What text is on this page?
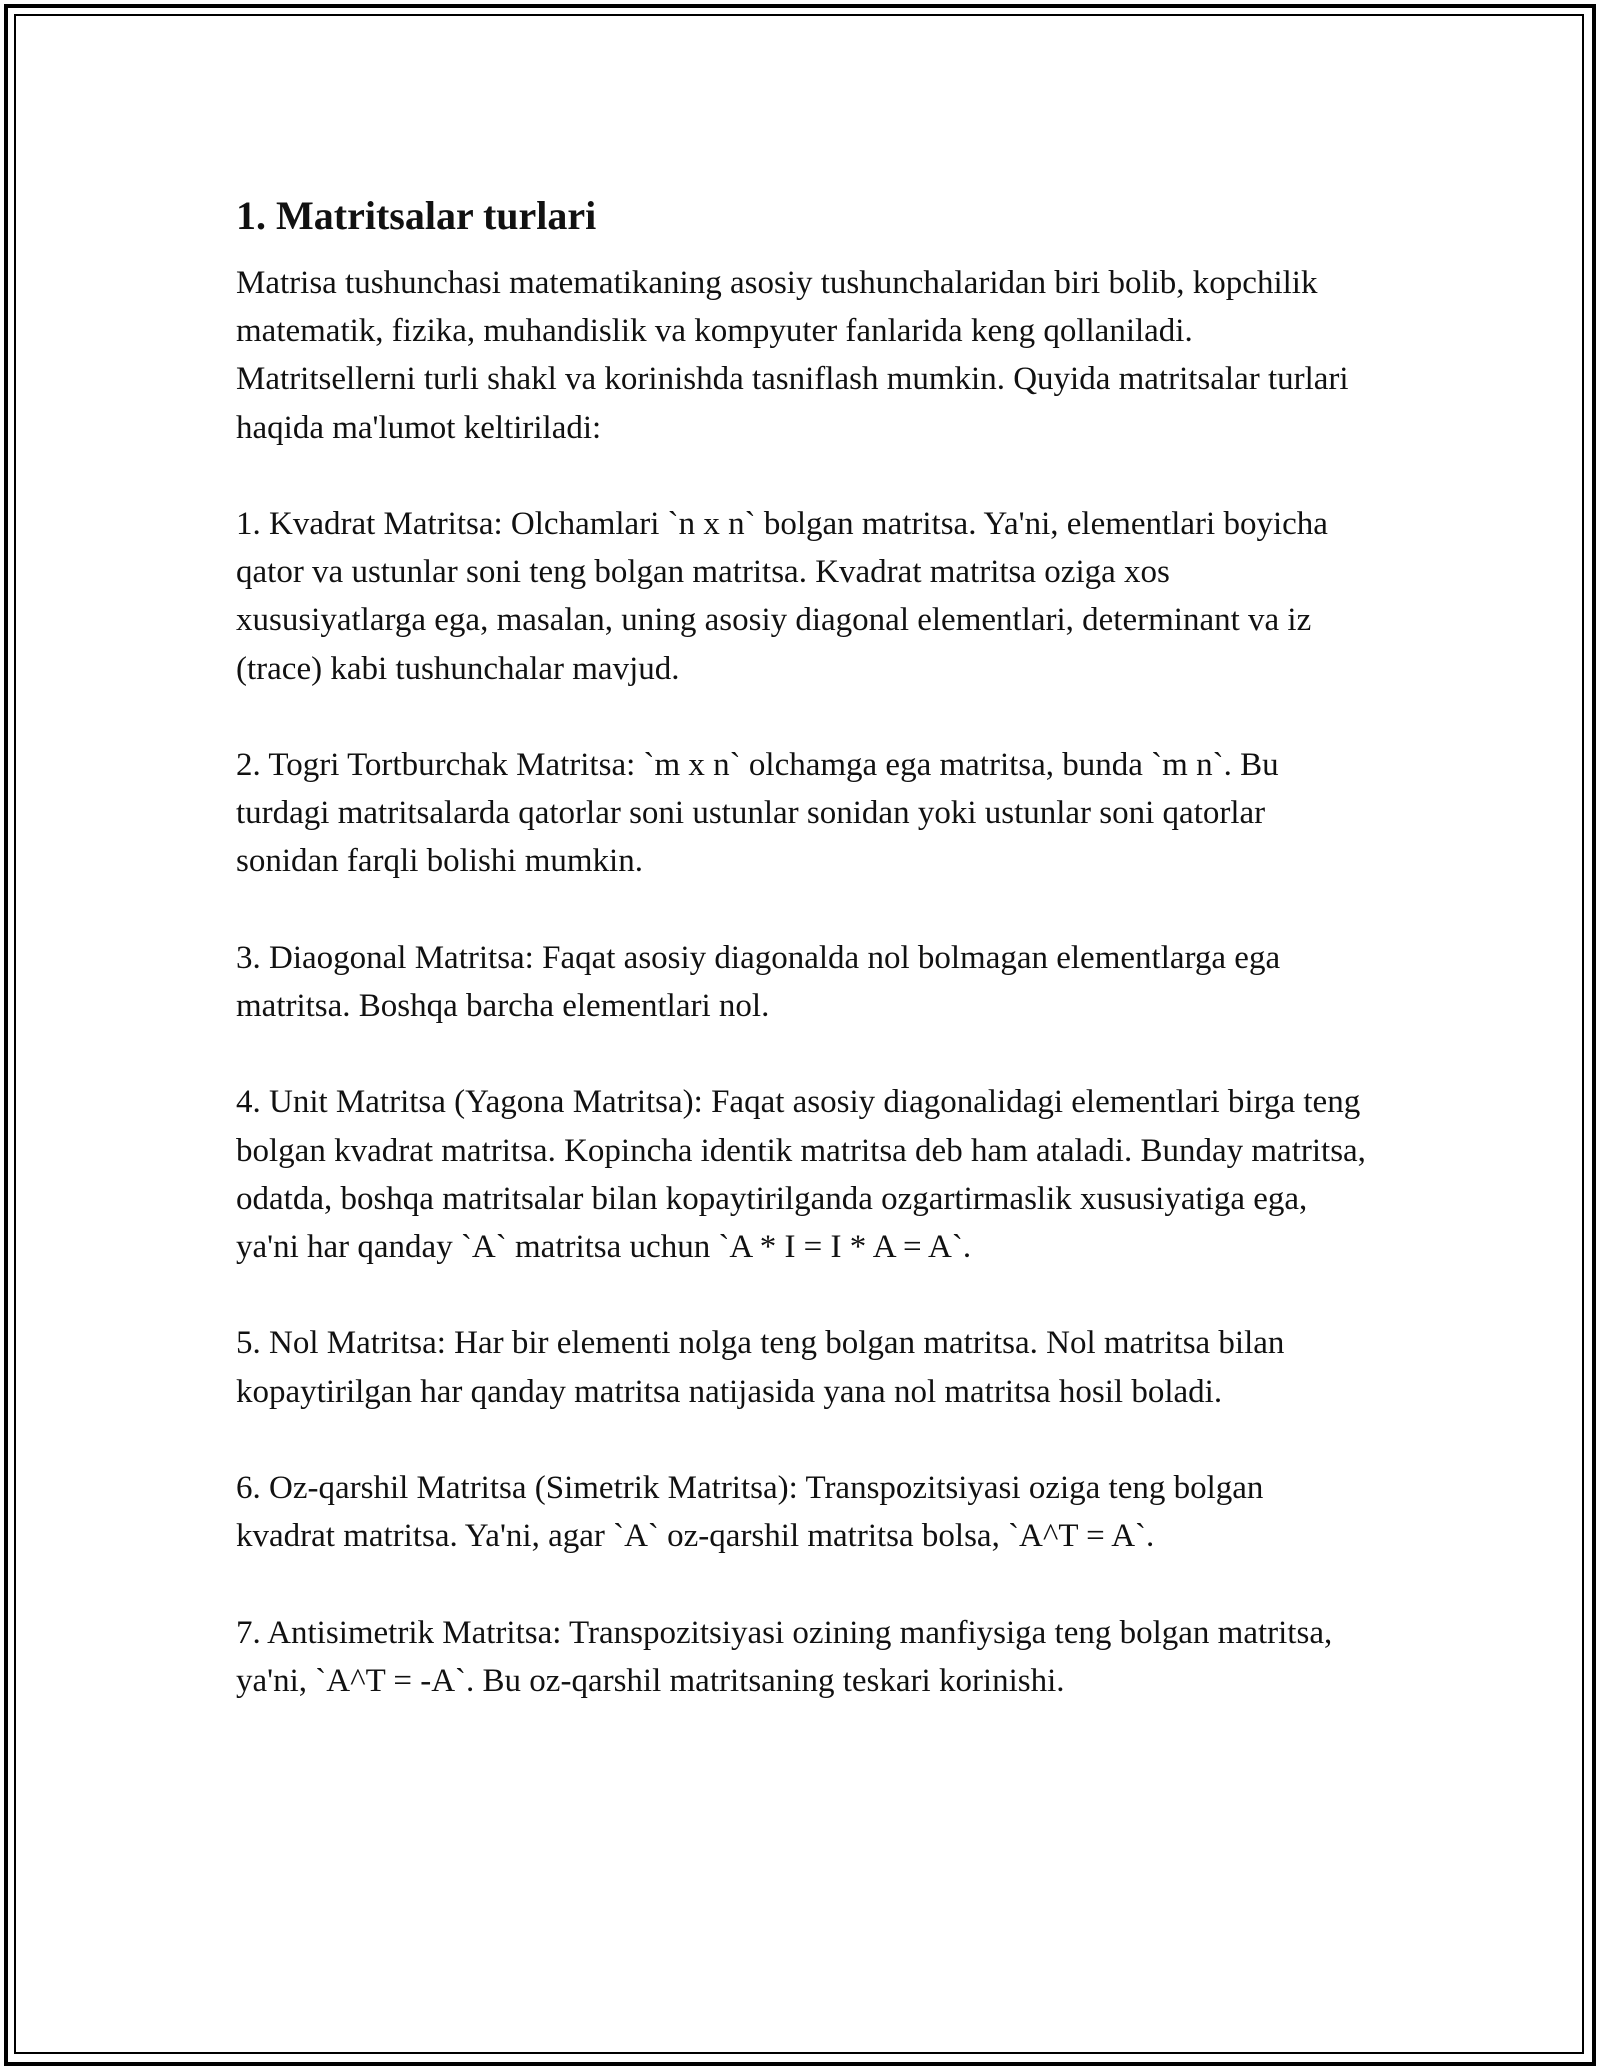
1. Matritsalar turlari

Matrisa tushunchasi matematikaning asosiy tushunchalaridan biri bolib, kopchilik matematik, fizika, muhandislik va kompyuter fanlarida keng qollaniladi. Matritsellerni turli shakl va korinishda tasniflash mumkin. Quyida matritsalar turlari haqida ma'lumot keltiriladi:

1. Kvadrat Matritsa: Olchamlari `n x n` bolgan matritsa. Ya'ni, elementlari boyicha qator va ustunlar soni teng bolgan matritsa. Kvadrat matritsa oziga xos xususiyatlarga ega, masalan, uning asosiy diagonal elementlari, determinant va iz (trace) kabi tushunchalar mavjud.

2. Togri Tortburchak Matritsa: `m x n` olchamga ega matritsa, bunda `m n`. Bu turdagi matritsalarda qatorlar soni ustunlar sonidan yoki ustunlar soni qatorlar sonidan farqli bolishi mumkin.

3. Diaogonal Matritsa: Faqat asosiy diagonalda nol bolmagan elementlarga ega matritsa. Boshqa barcha elementlari nol.

4. Unit Matritsa (Yagona Matritsa): Faqat asosiy diagonalidagi elementlari birga teng bolgan kvadrat matritsa. Kopincha identik matritsa deb ham ataladi. Bunday matritsa, odatda, boshqa matritsalar bilan kopaytirilganda ozgartirmaslik xususiyatiga ega, ya'ni har qanday `A` matritsa uchun `A * I = I * A = A`.

5. Nol Matritsa: Har bir elementi nolga teng bolgan matritsa. Nol matritsa bilan kopaytirilgan har qanday matritsa natijasida yana nol matritsa hosil boladi.

6. Oz-qarshil Matritsa (Simetrik Matritsa): Transpozitsiyasi oziga teng bolgan kvadrat matritsa. Ya'ni, agar `A` oz-qarshil matritsa bolsa, `A^T = A`.

7. Antisimetrik Matritsa: Transpozitsiyasi ozining manfiysiga teng bolgan matritsa, ya'ni, `A^T = -A`. Bu oz-qarshil matritsaning teskari korinishi.
